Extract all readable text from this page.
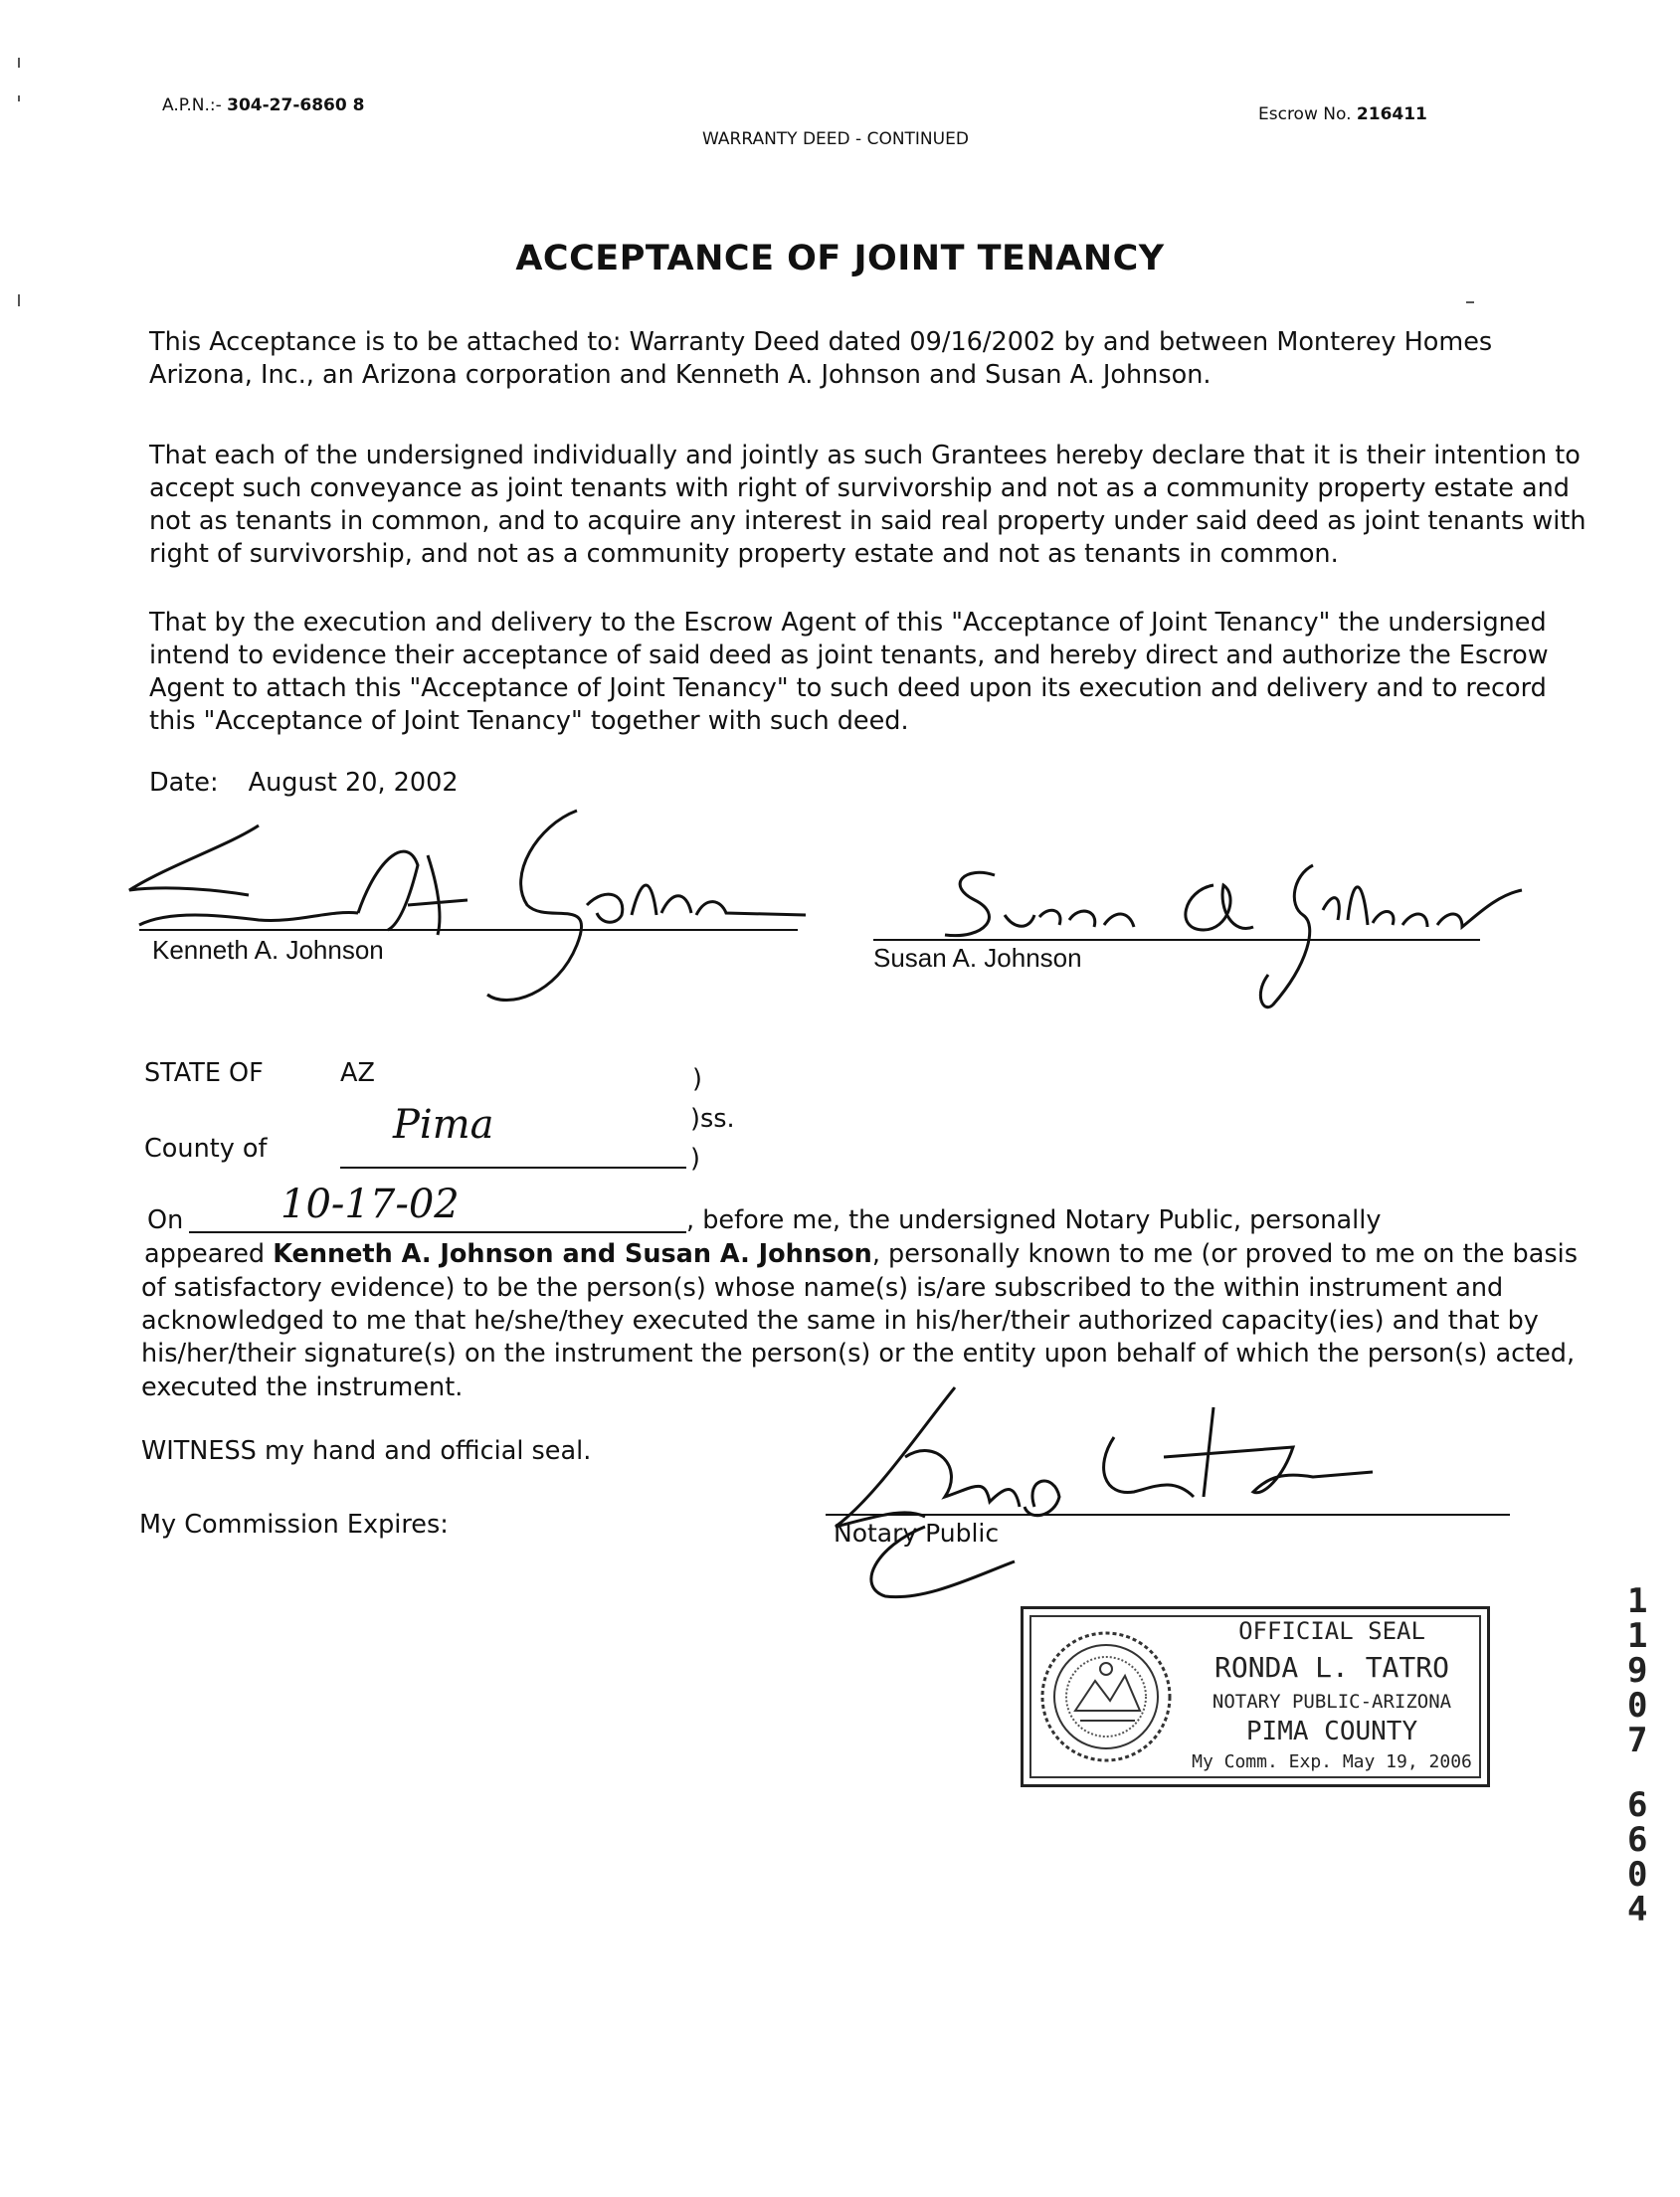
A.P.N.:- 304-27-6860 8
WARRANTY DEED - CONTINUED
Escrow No. 216411
ACCEPTANCE OF JOINT TENANCY
This Acceptance is to be attached to: Warranty Deed dated 09/16/2002 by and between Monterey Homes
Arizona, Inc., an Arizona corporation and Kenneth A. Johnson and Susan A. Johnson.
That each of the undersigned individually and jointly as such Grantees hereby declare that it is their intention to
accept such conveyance as joint tenants with right of survivorship and not as a community property estate and
not as tenants in common, and to acquire any interest in said real property under said deed as joint tenants with
right of survivorship, and not as a community property estate and not as tenants in common.
That by the execution and delivery to the Escrow Agent of this "Acceptance of Joint Tenancy" the undersigned
intend to evidence their acceptance of said deed as joint tenants, and hereby direct and authorize the Escrow
Agent to attach this "Acceptance of Joint Tenancy" to such deed upon its execution and delivery and to record
this "Acceptance of Joint Tenancy" together with such deed.
Date: August 20, 2002
Kenneth A. Johnson	Susan A. Johnson
STATE OF	AZ	)
)ss.
County of
Pima
)
On 10-17-02	, before me, the undersigned Notary Public, personally
appeared Kenneth A. Johnson and Susan A. Johnson, personally known to me (or proved to me on the basis
of satisfactory evidence) to be the person(s) whose name(s) is/are subscribed to the within instrument and
acknowledged to me that he/she/they executed the same in his/her/their authorized capacity(ies) and that by
his/her/their signature(s) on the instrument the person(s) or the entity upon behalf of which the person(s) acted,
executed the instrument.
WITNESS my hand and official seal.
My Commission Expires:	Notary Public
OFFICIAL SEAL
RONDA L. TATRO
NOTARY PUBLIC-ARIZONA
PIMA COUNTY
My Comm. Exp. May 19, 2006
1
1
9
0
7
6
6
0
4
